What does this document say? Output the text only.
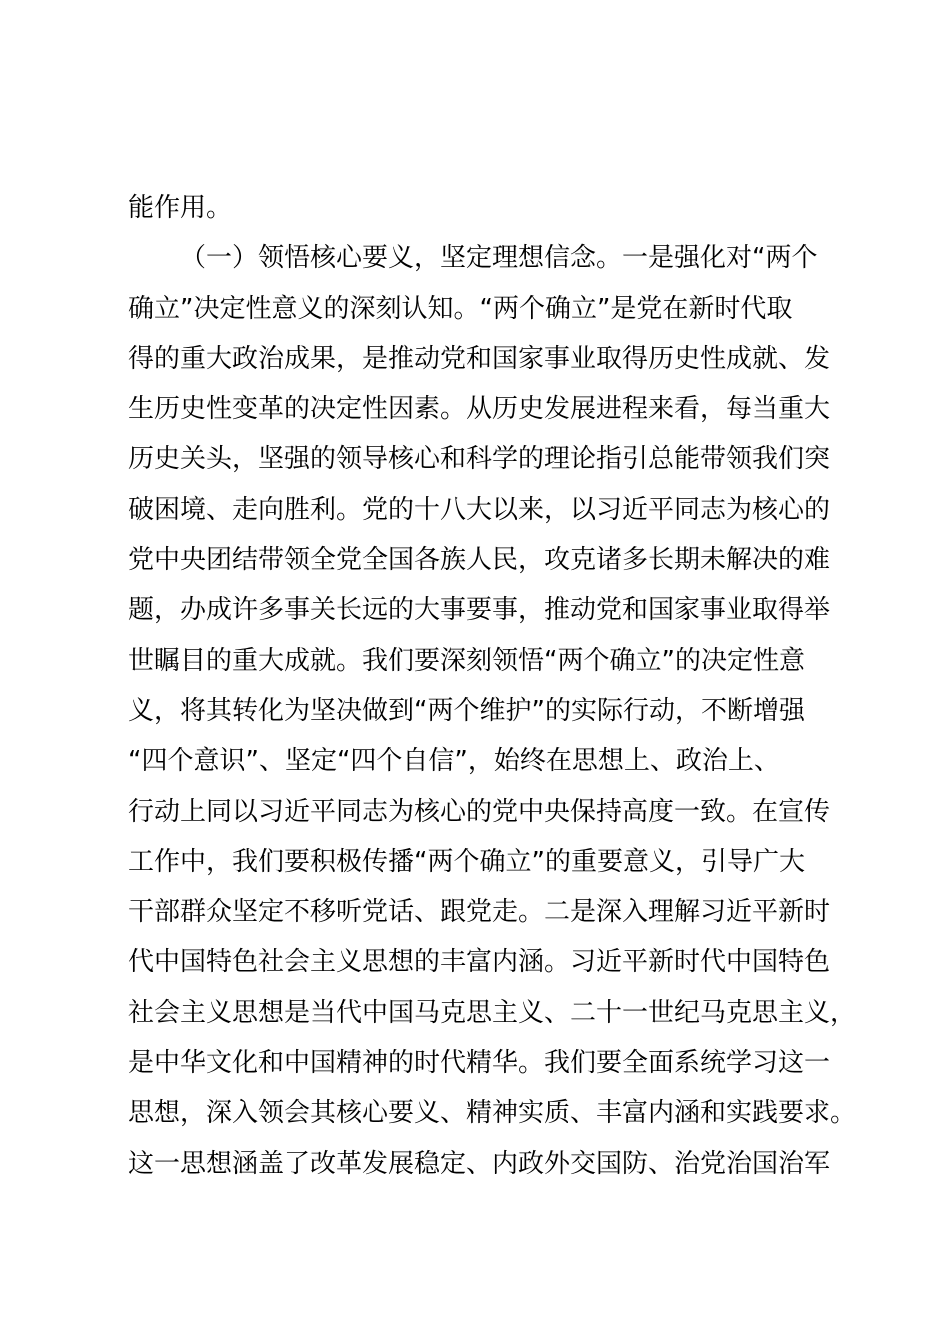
能作用。
（一）领悟核心要义，坚定理想信念。一是强化对“两个
确立”决定性意义的深刻认知。“两个确立”是党在新时代取
得的重大政治成果，是推动党和国家事业取得历史性成就、发
生历史性变革的决定性因素。从历史发展进程来看，每当重大
历史关头，坚强的领导核心和科学的理论指引总能带领我们突
破困境、走向胜利。党的十八大以来，以习近平同志为核心的
党中央团结带领全党全国各族人民，攻克诸多长期未解决的难
题，办成许多事关长远的大事要事，推动党和国家事业取得举
世瞩目的重大成就。我们要深刻领悟“两个确立”的决定性意
义，将其转化为坚决做到“两个维护”的实际行动，不断增强
“四个意识”、坚定“四个自信”，始终在思想上、政治上、
行动上同以习近平同志为核心的党中央保持高度一致。在宣传
工作中，我们要积极传播“两个确立”的重要意义，引导广大
干部群众坚定不移听党话、跟党走。二是深入理解习近平新时
代中国特色社会主义思想的丰富内涵。习近平新时代中国特色
社会主义思想是当代中国马克思主义、二十一世纪马克思主义，
是中华文化和中国精神的时代精华。我们要全面系统学习这一
思想，深入领会其核心要义、精神实质、丰富内涵和实践要求。
这一思想涵盖了改革发展稳定、内政外交国防、治党治国治军
